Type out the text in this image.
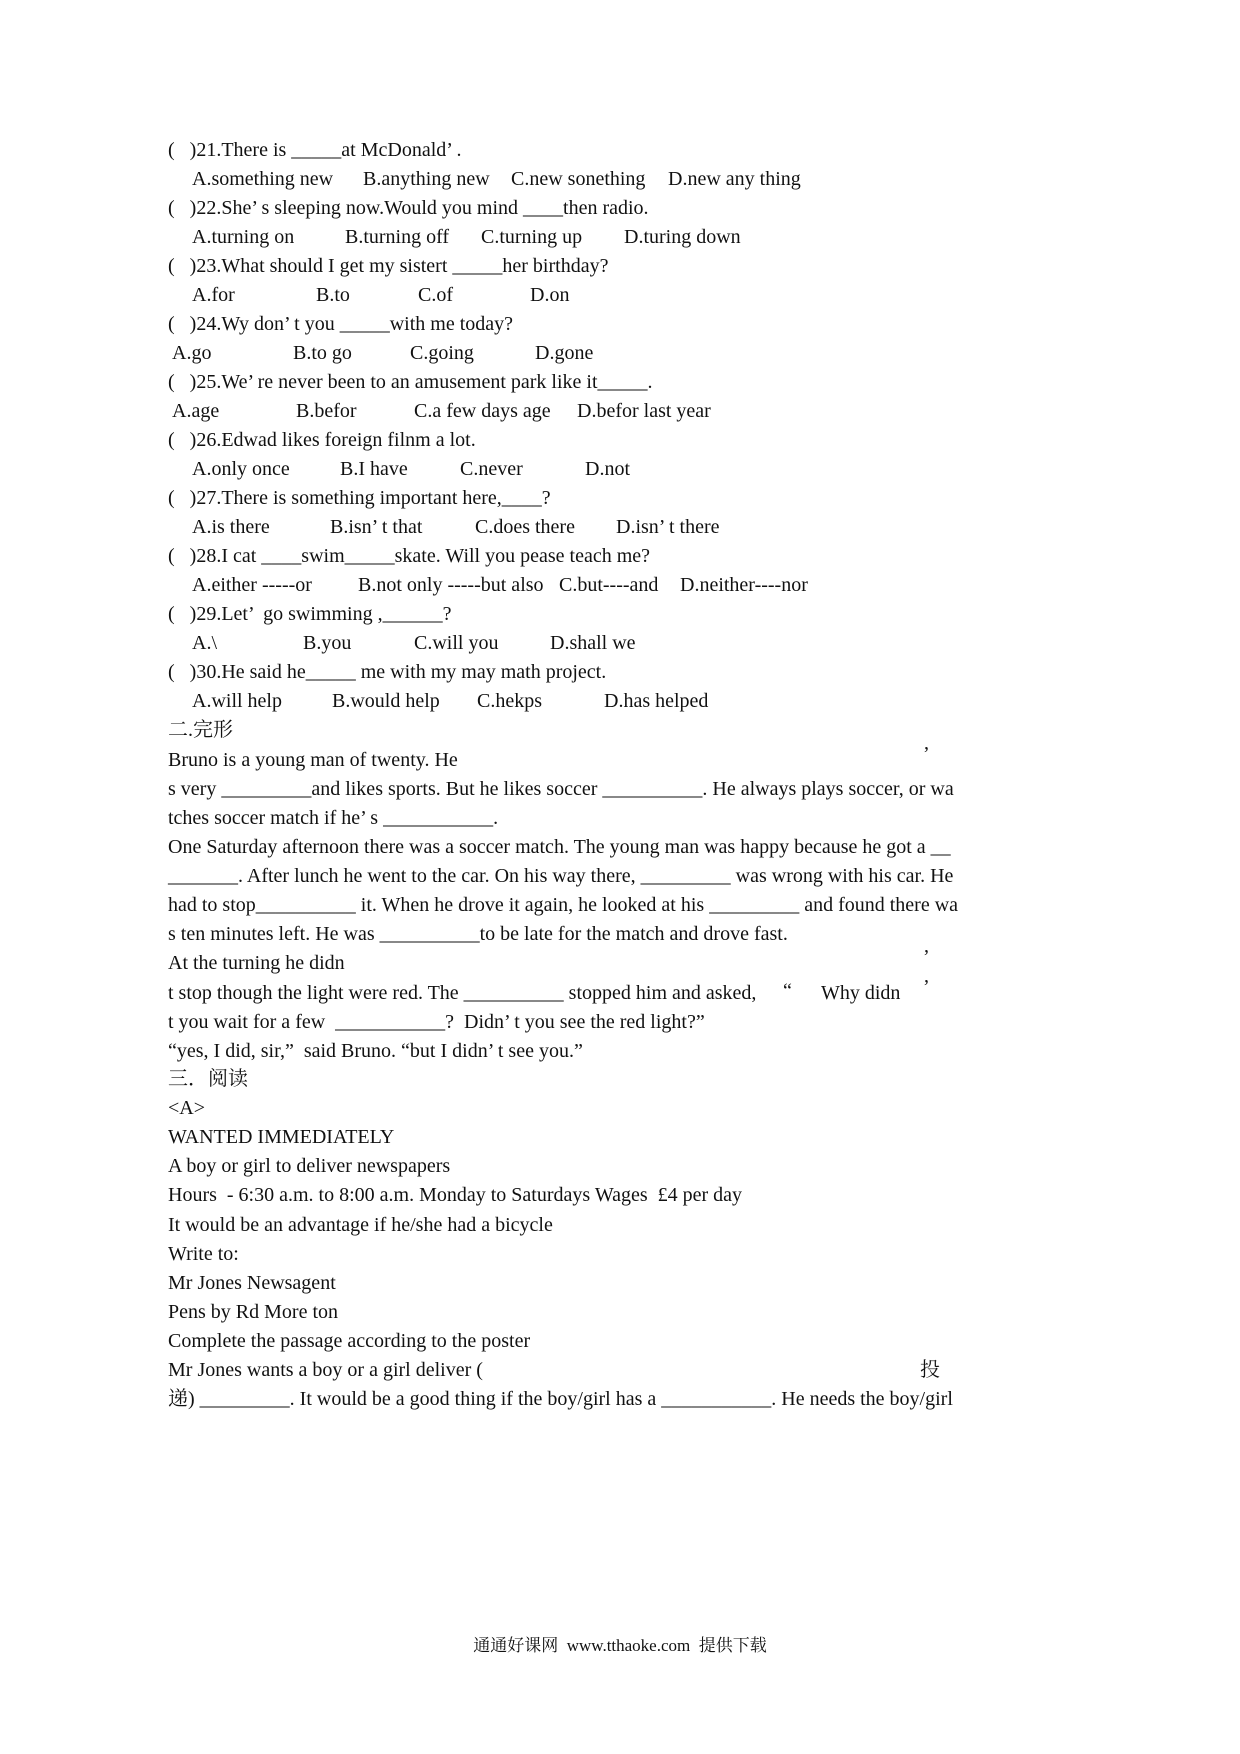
(   )21.There is _____at McDonald’ .
A.something new B.anything new C.new sonething D.new any thing
(   )22.She’ s sleeping now.Would you mind ____then radio.
A.turning on	B.turning off C.turning up D.turing down
(   )23.What should I get my sistert _____her birthday?
A.for	B.to	C.of	D.on
(   )24.Wy don’ t you _____with me today?
A.go	B.to go	C.going	D.gone
(   )25.We’ re never been to an amusement park like it_____.
A.age	B.befor	C.a few days age D.befor last year
(   )26.Edwad likes foreign filnm a lot.
A.only once	B.I have	C.never	D.not
(   )27.There is something important here,____?
A.is there	B.isn’ t that	C.does there D.isn’ t there
(   )28.I cat ____swim_____skate. Will you pease teach me?
A.either -----or B.not only -----but also C.but----and D.neither----nor
(   )29.Let’  go swimming ,______?
A.\	B.you	C.will you	D.shall we
(   )30.He said he_____ me with my may math project.
A.will help	B.would help C.hekps	D.has helped
二.完形
Bruno is a young man of twenty. He	’
s very _________and likes sports. But he likes soccer __________. He always plays soccer, or wa
tches soccer match if he’ s ___________.
One Saturday afternoon there was a soccer match. The young man was happy because he got a __
_______. After lunch he went to the car. On his way there, _________ was wrong with his car. He
had to stop__________ it. When he drove it again, he looked at his _________ and found there wa
s ten minutes left. He was __________to be late for the match and drove fast.
At the turning he didn	’
t stop though the light were red. The __________ stopped him and asked, “ Why didn ’
t you wait for a few  ___________?  Didn’ t you see the red light?”
“yes, I did, sir,”  said Bruno. “but I didn’ t see you.”
三．阅读
<A>
WANTED IMMEDIATELY
A boy or girl to deliver newspapers
Hours  - 6:30 a.m. to 8:00 a.m. Monday to Saturdays Wages  £4 per day
It would be an advantage if he/she had a bicycle
Write to:
Mr Jones Newsagent
Pens by Rd More ton
Complete the passage according to the poster
Mr Jones wants a boy or a girl deliver (	投
递) _________. It would be a good thing if the boy/girl has a ___________. He needs the boy/girl
通通好课网  www.tthaoke.com  提供下载
